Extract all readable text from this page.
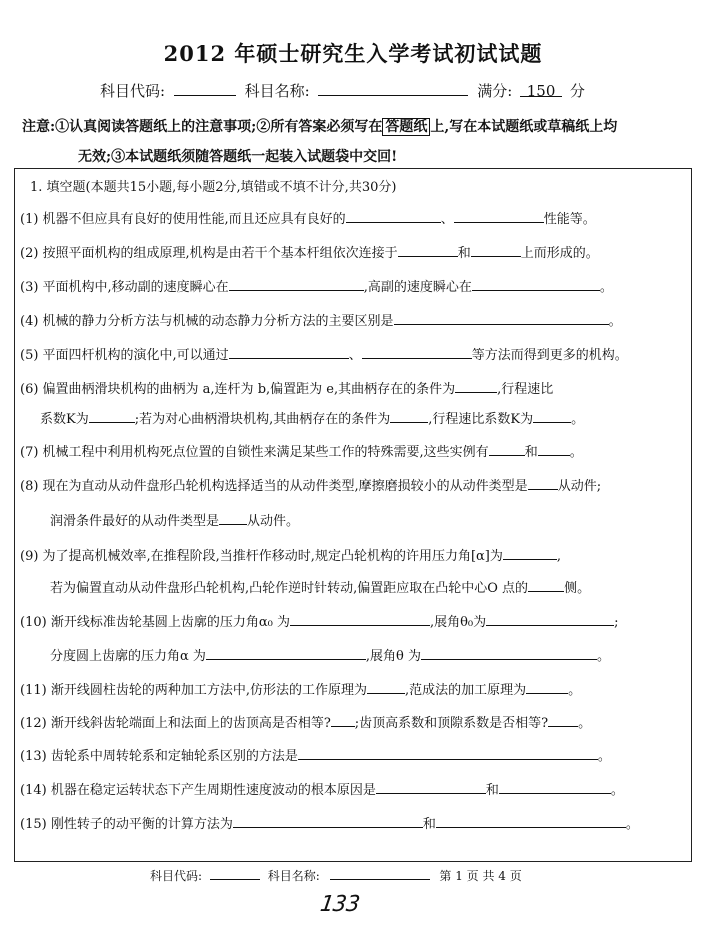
2012 年硕士研究生入学考试初试试题
科目代码:	科目名称:	满分: 150 分
注意:①认真阅读答题纸上的注意事项;②所有答案必须写在 答题纸 上,写在本试题纸或草稿纸上均
无效;③本试题纸须随答题纸一起装入试题袋中交回!
1. 填空题(本题共15小题,每小题2分,填错或不填不计分,共30分)
(1) 机器不但应具有良好的使用性能,而且还应具有良好的	、	性能等。
(2) 按照平面机构的组成原理,机构是由若干个基本杆组依次连接于	和	上而形成的。
(3) 平面机构中,移动副的速度瞬心在	,高副的速度瞬心在	。
(4) 机械的静力分析方法与机械的动态静力分析方法的主要区别是	。
(5) 平面四杆机构的演化中,可以通过	、	等方法而得到更多的机构。
(6) 偏置曲柄滑块机构的曲柄为 a,连杆为 b,偏置距为 e,其曲柄存在的条件为	,行程速比
系数K为	;若为对心曲柄滑块机构,其曲柄存在的条件为	,行程速比系数K为	。
(7) 机械工程中利用机构死点位置的自锁性来满足某些工作的特殊需要,这些实例有	和 。
(8) 现在为直动从动件盘形凸轮机构选择适当的从动件类型,摩擦磨损较小的从动件类型是 从动件;
润滑条件最好的从动件类型是 从动件。
(9) 为了提高机械效率,在推程阶段,当推杆作移动时,规定凸轮机构的许用压力角[α]为	,
若为偏置直动从动件盘形凸轮机构,凸轮作逆时针转动,偏置距应取在凸轮中心O 点的	侧。
(10) 渐开线标准齿轮基圆上齿廓的压力角α₀ 为	,展角θ₀为	;
分度圆上齿廓的压力角α 为	,展角θ 为	。
(11) 渐开线圆柱齿轮的两种加工方法中,仿形法的工作原理为	,范成法的加工原理为	。
(12) 渐开线斜齿轮端面上和法面上的齿顶高是否相等? ;齿顶高系数和顶隙系数是否相等? 。
(13) 齿轮系中周转轮系和定轴轮系区别的方法是	。
(14) 机器在稳定运转状态下产生周期性速度波动的根本原因是	和	。
(15) 刚性转子的动平衡的计算方法为	和	。
科目代码:	科目名称:	第 1 页 共 4 页
133
